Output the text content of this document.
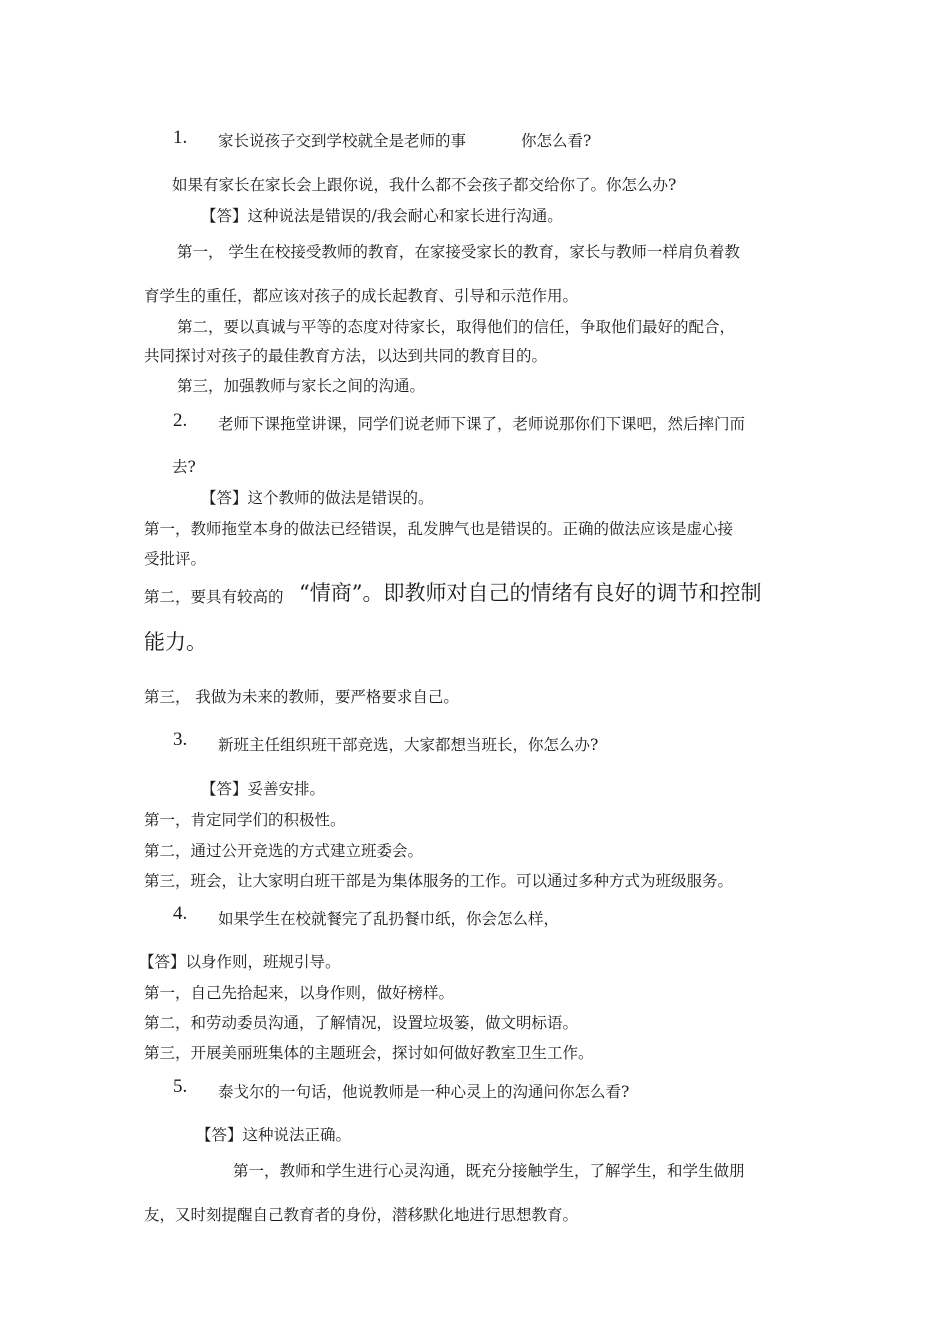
1. 家长说孩子交到学校就全是老师的事	你怎么看?
如果有家长在家长会上跟你说，我什么都不会孩子都交给你了。你怎么办?
【答】这种说法是错误的/我会耐心和家长进行沟通。
第一， 学生在校接受教师的教育，在家接受家长的教育，家长与教师一样肩负着教
育学生的重任，都应该对孩子的成长起教育、引导和示范作用。
第二，要以真诚与平等的态度对待家长，取得他们的信任，争取他们最好的配合，
共同探讨对孩子的最佳教育方法，以达到共同的教育目的。
第三，加强教师与家长之间的沟通。
2. 老师下课拖堂讲课，同学们说老师下课了，老师说那你们下课吧，然后摔门而
去?
【答】这个教师的做法是错误的。
第一，教师拖堂本身的做法已经错误，乱发脾气也是错误的。正确的做法应该是虚心接
受批评。
第二，要具有较高的 “情商”。即教师对自己的情绪有良好的调节和控制
能力。
第三， 我做为未来的教师，要严格要求自己。
3. 新班主任组织班干部竞选，大家都想当班长，你怎么办?
【答】妥善安排。
第一，肯定同学们的积极性。
第二，通过公开竞选的方式建立班委会。
第三，班会，让大家明白班干部是为集体服务的工作。可以通过多种方式为班级服务。
4. 如果学生在校就餐完了乱扔餐巾纸，你会怎么样，
【答】以身作则，班规引导。
第一，自己先拾起来，以身作则，做好榜样。
第二，和劳动委员沟通，了解情况，设置垃圾篓，做文明标语。
第三，开展美丽班集体的主题班会，探讨如何做好教室卫生工作。
5. 泰戈尔的一句话，他说教师是一种心灵上的沟通问你怎么看?
【答】这种说法正确。
第一，教师和学生进行心灵沟通，既充分接触学生，了解学生，和学生做朋
友，又时刻提醒自己教育者的身份，潜移默化地进行思想教育。
